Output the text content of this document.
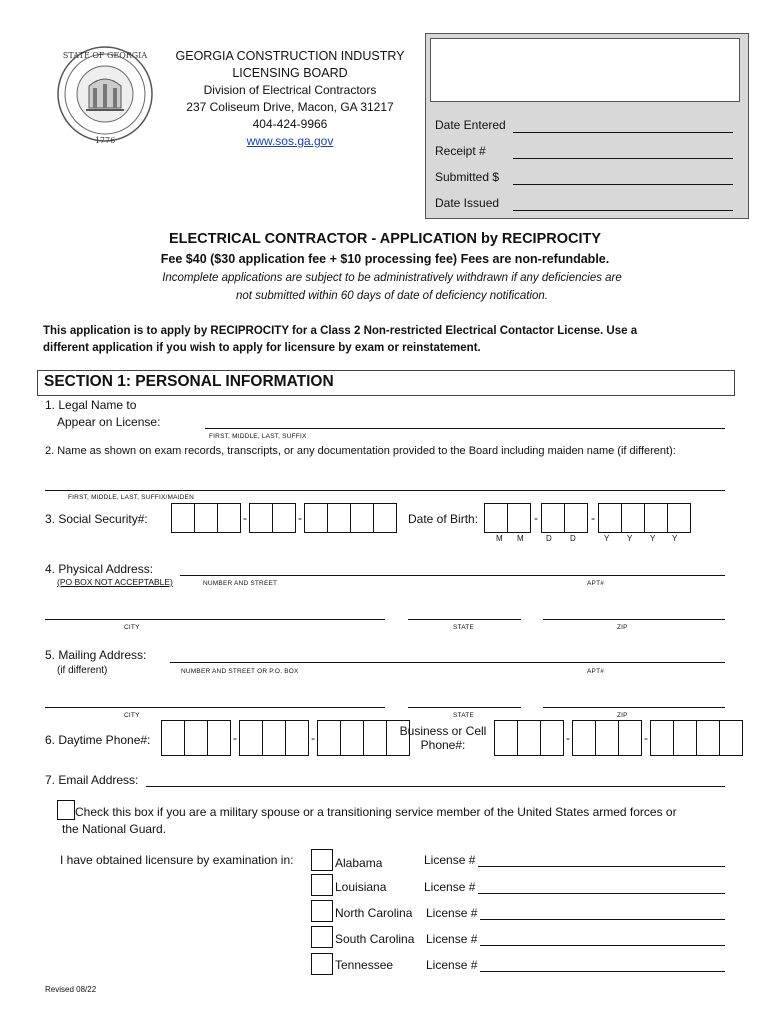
STATE OF GEORGIA
1776
GEORGIA CONSTRUCTION INDUSTRY
LICENSING BOARD
Division of Electrical Contractors
237 Coliseum Drive, Macon, GA 31217
404-424-9966
www.sos.ga.gov
Date Entered
Receipt #
Submitted $
Date Issued
ELECTRICAL CONTRACTOR - APPLICATION by RECIPROCITY
Fee $40 ($30 application fee + $10 processing fee) Fees are non-refundable.
Incomplete applications are subject to be administratively withdrawn if any deficiencies are
not submitted within 60 days of date of deficiency notification.
This application is to apply by RECIPROCITY for a Class 2 Non-restricted Electrical Contactor License. Use a
different application if you wish to apply for licensure by exam or reinstatement.
SECTION 1: PERSONAL INFORMATION
1. Legal Name to
Appear on License:
FIRST, MIDDLE, LAST, SUFFIX
2. Name as shown on exam records, transcripts, or any documentation provided to the Board including maiden name (if different):
FIRST, MIDDLE, LAST, SUFFIX/MAIDEN
3. Social Security#:	-	-	Date of Birth:	-	-
M M	D D	Y Y Y Y
4. Physical Address:
(PO BOX NOT ACCEPTABLE)	NUMBER AND STREET	APT#
CITY	STATE	ZIP
5. Mailing Address:
(if different)	NUMBER AND STREET OR P.O. BOX	APT#
CITY	STATE	ZIP
6. Daytime Phone#:	-	-	Business or Cell
Phone#:	-	-
7. Email Address:
Check this box if you are a military spouse or a transitioning service member of the United States armed forces or
the National Guard.
I have obtained licensure by examination in:	Alabama	License #
Louisiana	License #
North Carolina License #
South Carolina License #
Tennessee	License #
Revised 08/22
